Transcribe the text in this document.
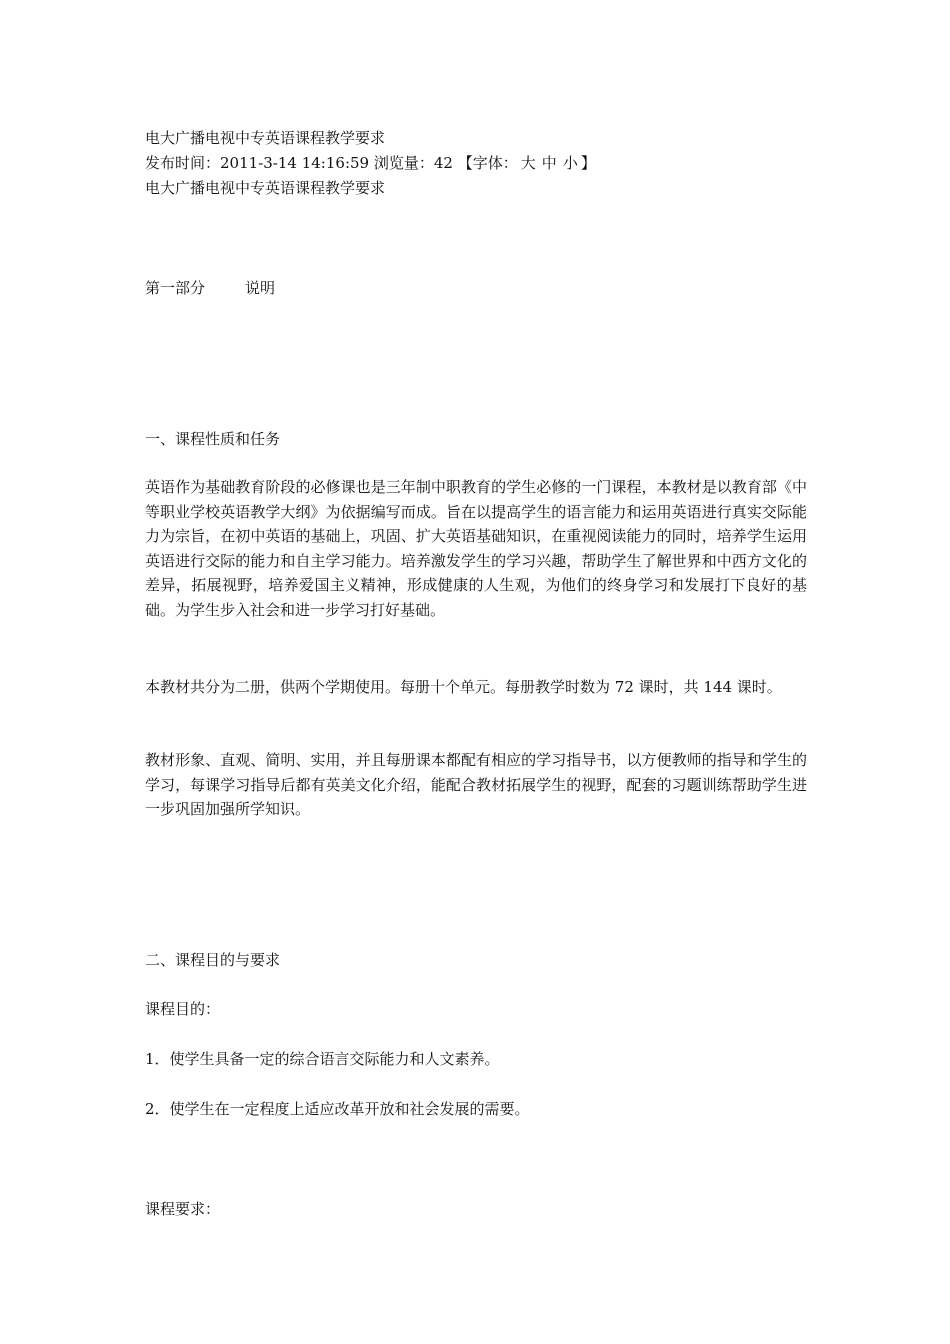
电大广播电视中专英语课程教学要求
发布时间：2011-3-14 14:16:59 浏览量：42 【字体： 大 中 小 】
电大广播电视中专英语课程教学要求
第一部分	说明
一、课程性质和任务
英语作为基础教育阶段的必修课也是三年制中职教育的学生必修的一门课程，本教材是以教育部《中等职业学校英语教学大纲》为依据编写而成。旨在以提高学生的语言能力和运用英语进行真实交际能力为宗旨，在初中英语的基础上，巩固、扩大英语基础知识，在重视阅读能力的同时，培养学生运用英语进行交际的能力和自主学习能力。培养激发学生的学习兴趣，帮助学生了解世界和中西方文化的差异，拓展视野，培养爱国主义精神，形成健康的人生观，为他们的终身学习和发展打下良好的基础。为学生步入社会和进一步学习打好基础。
本教材共分为二册，供两个学期使用。每册十个单元。每册教学时数为 72 课时，共 144 课时。
教材形象、直观、简明、实用，并且每册课本都配有相应的学习指导书，以方便教师的指导和学生的学习，每课学习指导后都有英美文化介绍，能配合教材拓展学生的视野，配套的习题训练帮助学生进一步巩固加强所学知识。
二、课程目的与要求
课程目的：
1．使学生具备一定的综合语言交际能力和人文素养。
2．使学生在一定程度上适应改革开放和社会发展的需要。
课程要求：
